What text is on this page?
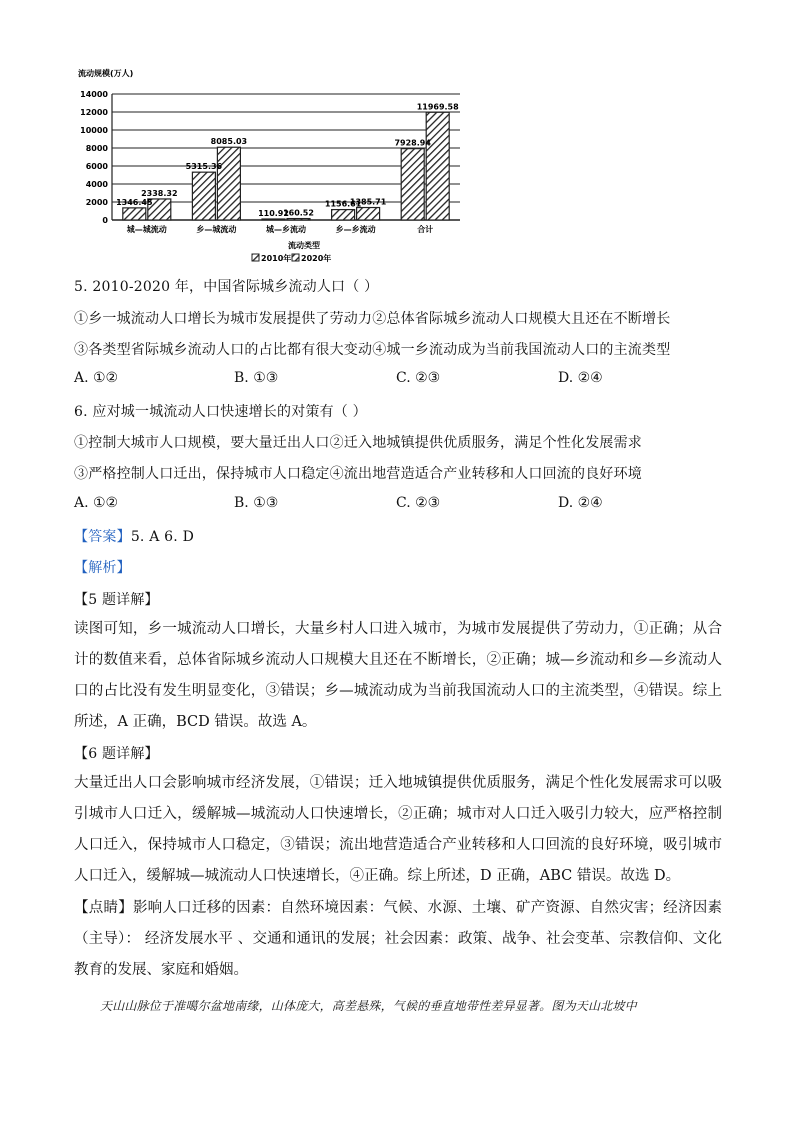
流动规模(万人)
0
2000
4000
6000
8000
10000
12000
14000
1346.45
2338.32
城—城流动
5315.36
8085.03
乡—城流动
110.92
160.52
城—乡流动
1156.61
1385.71
乡—乡流动
7928.94
11969.58
合计
流动类型
2010年 2020年
5. 2010-2020 年，中国省际城乡流动人口（ ）
①乡一城流动人口增长为城市发展提供了劳动力②总体省际城乡流动人口规模大且还在不断增长
③各类型省际城乡流动人口的占比都有很大变动④城一乡流动成为当前我国流动人口的主流类型
A. ①②	B. ①③	C. ②③	D. ②④
6. 应对城一城流动人口快速增长的对策有（ ）
①控制大城市人口规模，要大量迁出人口②迁入地城镇提供优质服务，满足个性化发展需求
③严格控制人口迁出，保持城市人口稳定④流出地营造适合产业转移和人口回流的良好环境
A. ①②	B. ①③	C. ②③	D. ②④
【答案】5. A 6. D
【解析】
【5 题详解】
读图可知，乡一城流动人口增长，大量乡村人口进入城市，为城市发展提供了劳动力，①正确；从合计的数值来看，总体省际城乡流动人口规模大且还在不断增长，②正确；城—乡流动和乡—乡流动人口的占比没有发生明显变化，③错误；乡—城流动成为当前我国流动人口的主流类型，④错误。综上所述，A 正确，BCD 错误。故选 A。
【6 题详解】
大量迁出人口会影响城市经济发展，①错误；迁入地城镇提供优质服务，满足个性化发展需求可以吸引城市人口迁入，缓解城—城流动人口快速增长，②正确；城市对人口迁入吸引力较大，应严格控制人口迁入，保持城市人口稳定，③错误；流出地营造适合产业转移和人口回流的良好环境，吸引城市人口迁入，缓解城—城流动人口快速增长，④正确。综上所述，D 正确，ABC 错误。故选 D。
【点睛】影响人口迁移的因素：自然环境因素：气候、水源、土壤、矿产资源、自然灾害；经济因素（主导）： 经济发展水平 、交通和通讯的发展；社会因素：政策、战争、社会变革、宗教信仰、文化教育的发展、家庭和婚姻。
天山山脉位于准噶尔盆地南缘，山体庞大，高差悬殊，气候的垂直地带性差异显著。图为天山北坡中
